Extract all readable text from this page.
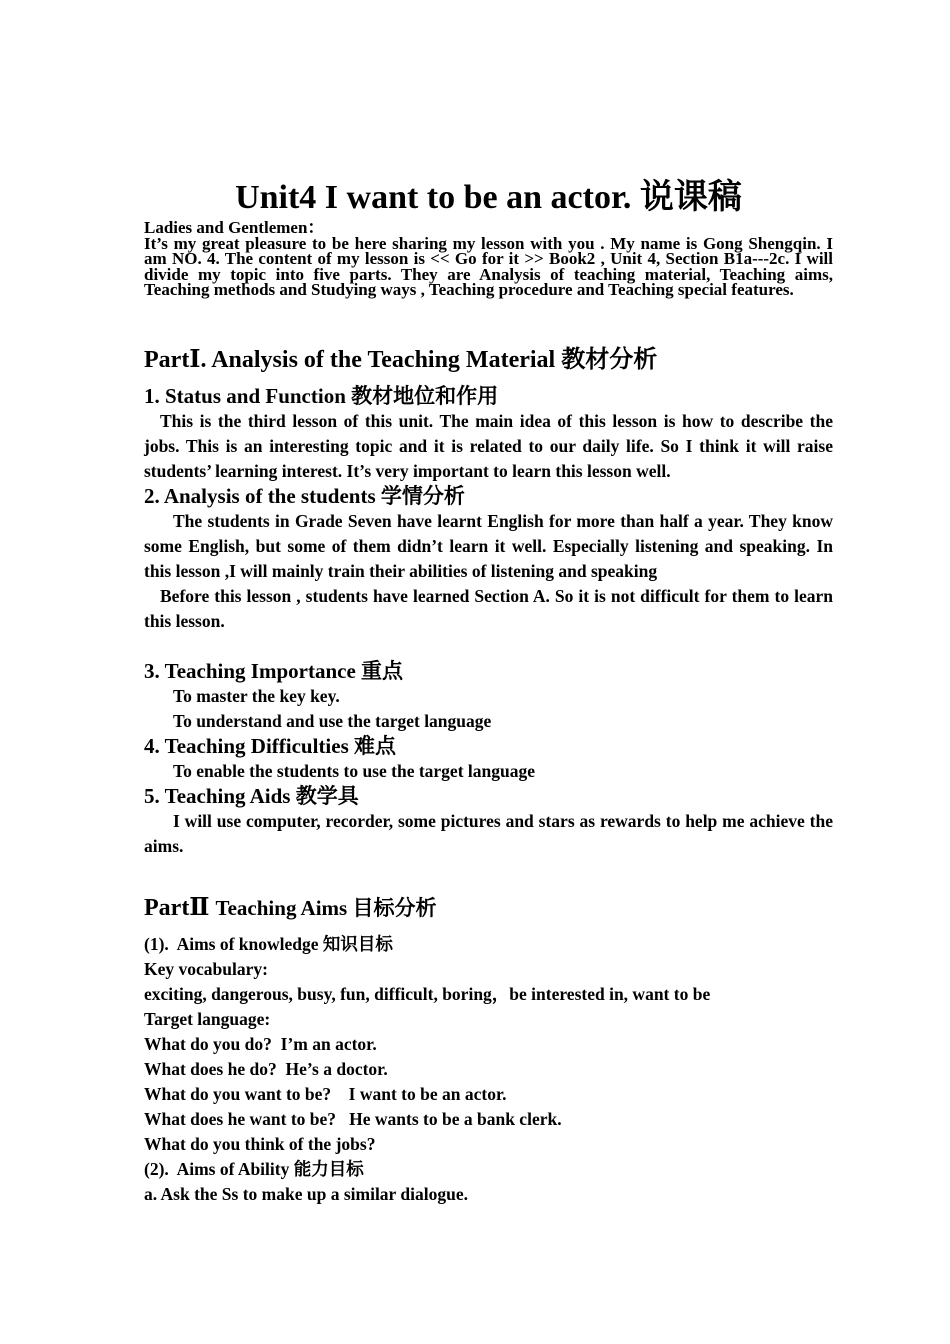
Unit4 I want to be an actor. 说课稿

Ladies and Gentlemen：

It’s my great pleasure to be here sharing my lesson with you . My name is Gong Shengqin. I am NO. 4. The content of my lesson is << Go for it >> Book2 , Unit 4, Section B1a---2c. I will divide my topic into five parts. They are Analysis of teaching material, Teaching aims, Teaching methods and Studying ways , Teaching procedure and Teaching special features.

PartⅠ. Analysis of the Teaching Material 教材分析
1. Status and Function 教材地位和作用

This is the third lesson of this unit. The main idea of this lesson is how to describe the jobs. This is an interesting topic and it is related to our daily life. So I think it will raise students’ learning interest. It’s very important to learn this lesson well.

2. Analysis of the students 学情分析

The students in Grade Seven have learnt English for more than half a year. They know some English, but some of them didn’t learn it well. Especially listening and speaking. In this lesson ,I will mainly train their abilities of listening and speaking

Before this lesson , students have learned Section A. So it is not difficult for them to learn this lesson.

3. Teaching Importance 重点

To master the key key.

To understand and use the target language

4. Teaching Difficulties 难点

To enable the students to use the target language

5. Teaching Aids 教学具

I will use computer, recorder, some pictures and stars as rewards to help me achieve the aims.

PartⅡ Teaching Aims 目标分析

(1).  Aims of knowledge 知识目标

Key vocabulary:

exciting, dangerous, busy, fun, difficult, boring，be interested in, want to be

Target language:

What do you do?  I’m an actor.

What does he do?  He’s a doctor.

What do you want to be?    I want to be an actor.

What does he want to be?   He wants to be a bank clerk.

What do you think of the jobs?

(2).  Aims of Ability 能力目标

a. Ask the Ss to make up a similar dialogue.
